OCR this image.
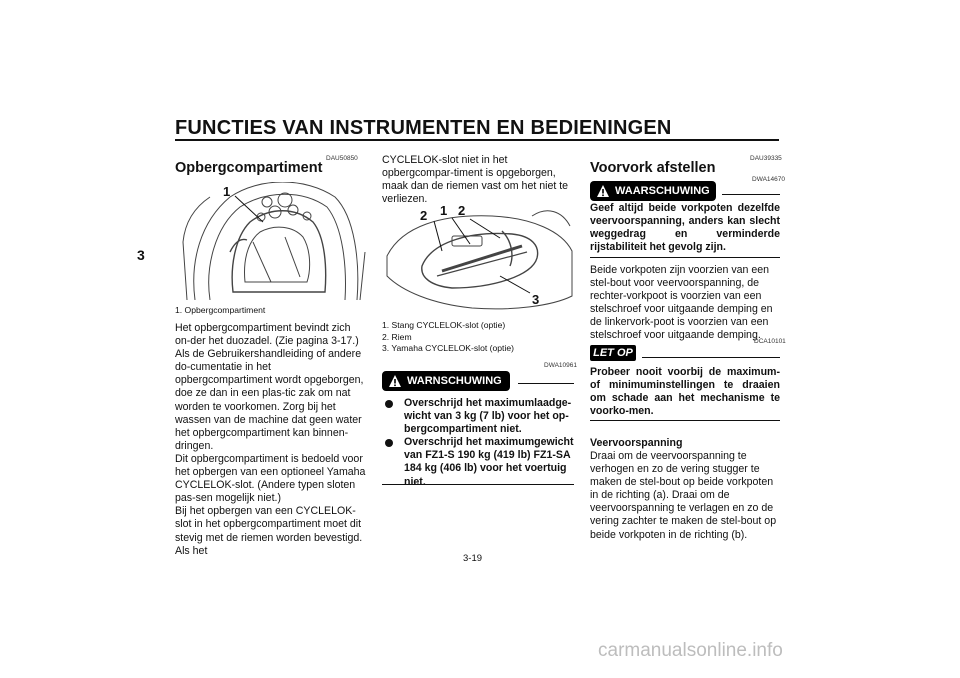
FUNCTIES VAN INSTRUMENTEN EN BEDIENINGEN
3
DAU50850
Opbergcompartiment
1
1. Opbergcompartiment
Het opbergcompartiment bevindt zich on-der het duozadel. (Zie pagina 3-17.)
Als de Gebruikershandleiding of andere do-cumentatie in het opbergcompartiment wordt opgeborgen, doe ze dan in een plas-tic zak om nat worden te voorkomen. Zorg bij het wassen van de machine dat geen water het opbergcompartiment kan binnen-dringen.
Dit opbergcompartiment is bedoeld voor het opbergen van een optioneel Yamaha CYCLELOK-slot. (Andere typen sloten pas-sen mogelijk niet.)
Bij het opbergen van een CYCLELOK-slot in het opbergcompartiment moet dit stevig met de riemen worden bevestigd. Als het
CYCLELOK-slot niet in het opbergcompar-timent is opgeborgen, maak dan de riemen vast om het niet te verliezen.
2 1 2
3
1. Stang CYCLELOK-slot (optie)
2. Riem
3. Yamaha CYCLELOK-slot (optie)
DWA10961
WARNSCHUWING
Overschrijd het maximumlaadge-wicht van 3 kg (7 lb) voor het op-bergcompartiment niet.
Overschrijd het maximumgewicht van FZ1-S 190 kg (419 lb) FZ1-SA 184 kg (406 lb) voor het voertuig niet.
DAU39335
Voorvork afstellen
DWA14670
WAARSCHUWING
Geef altijd beide vorkpoten dezelfde veervoorspanning, anders kan slecht weggedrag en verminderde rijstabiliteit het gevolg zijn.
Beide vorkpoten zijn voorzien van een stel-bout voor veervoorspanning, de rechter-vorkpoot is voorzien van een stelschroef voor uitgaande demping en de linkervork-poot is voorzien van een stelschroef voor uitgaande demping.
DCA10101
LET OP
Probeer nooit voorbij de maximum- of minimuminstellingen te draaien om schade aan het mechanisme te voorko-men.
Veervoorspanning
Draai om de veervoorspanning te verhogen en zo de vering stugger te maken de stel-bout op beide vorkpoten in de richting (a). Draai om de veervoorspanning te verlagen en zo de vering zachter te maken de stel-bout op beide vorkpoten in de richting (b).
3-19
carmanualsonline.info
